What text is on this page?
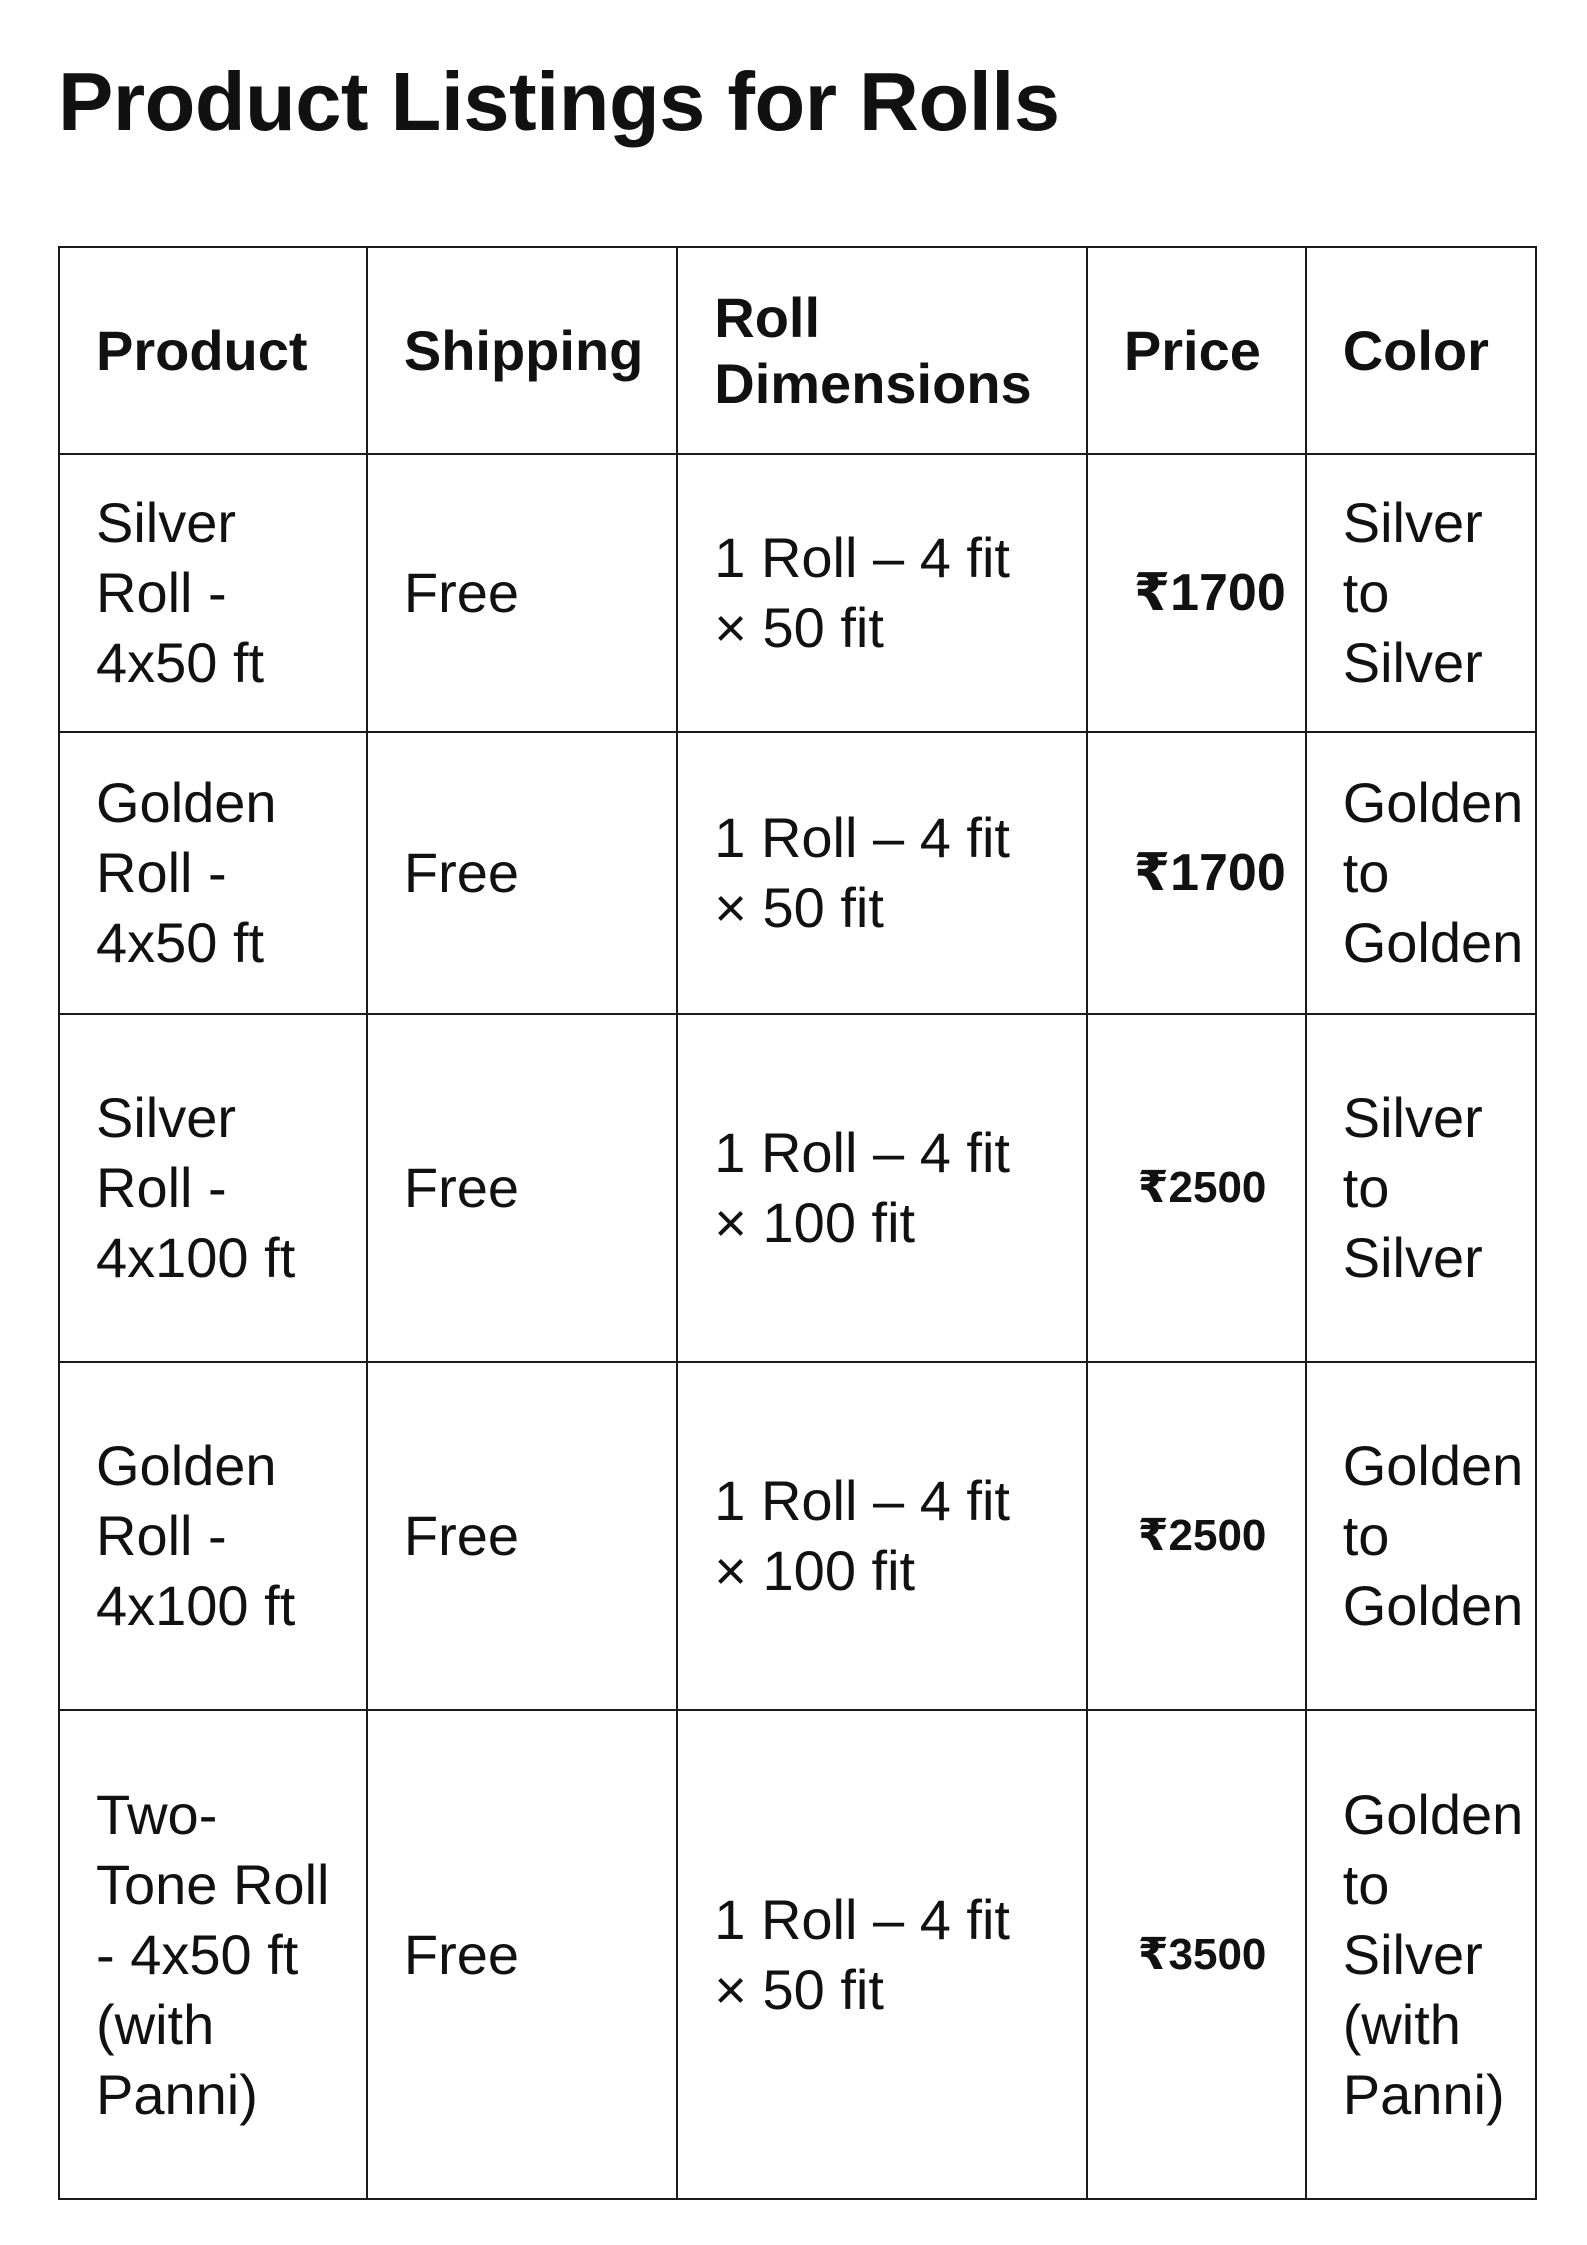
Product Listings for Rolls
Product	Shipping	Roll Dimensions	Price	Color
Silver Roll - 4x50 ft	Free	1 Roll – 4 fit × 50 fit	₹1700	Silver to Silver
Golden Roll - 4x50 ft	Free	1 Roll – 4 fit × 50 fit	₹1700	Golden to Golden
Silver Roll - 4x100 ft	Free	1 Roll – 4 fit × 100 fit	₹2500	Silver to Silver
Golden Roll - 4x100 ft	Free	1 Roll – 4 fit × 100 fit	₹2500	Golden to Golden
Two-Tone Roll - 4x50 ft (with Panni)	Free	1 Roll – 4 fit × 50 fit	₹3500	Golden to Silver (with Panni)
